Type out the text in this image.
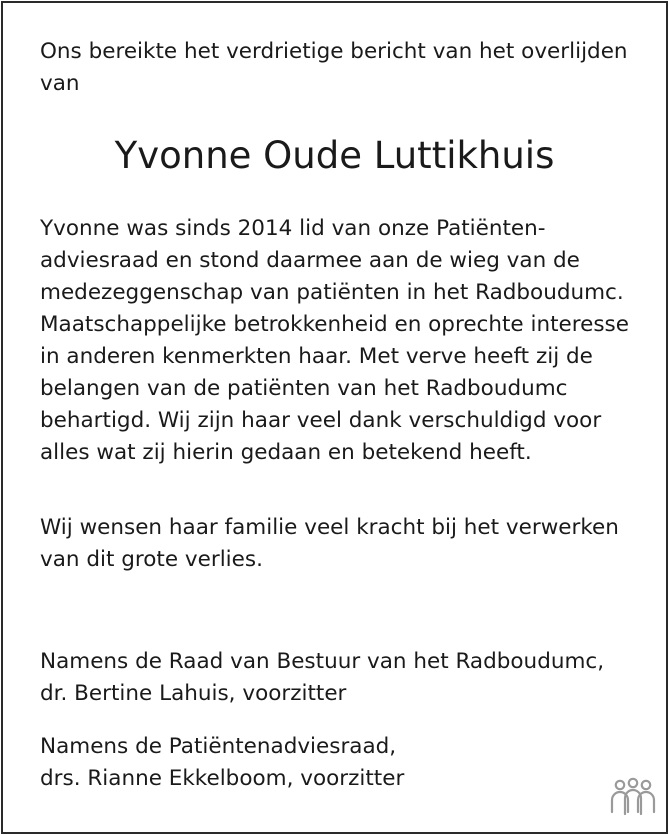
Ons bereikte het verdrietige bericht van het overlijden
van

Yvonne Oude Luttikhuis

Yvonne was sinds 2014 lid van onze Patiënten-
adviesraad en stond daarmee aan de wieg van de
medezeggenschap van patiënten in het Radboudumc.
Maatschappelijke betrokkenheid en oprechte interesse
in anderen kenmerkten haar. Met verve heeft zij de
belangen van de patiënten van het Radboudumc
behartigd. Wij zijn haar veel dank verschuldigd voor
alles wat zij hierin gedaan en betekend heeft.

Wij wensen haar familie veel kracht bij het verwerken
van dit grote verlies.

Namens de Raad van Bestuur van het Radboudumc,
dr. Bertine Lahuis, voorzitter

Namens de Patiëntenadviesraad,
drs. Rianne Ekkelboom, voorzitter
